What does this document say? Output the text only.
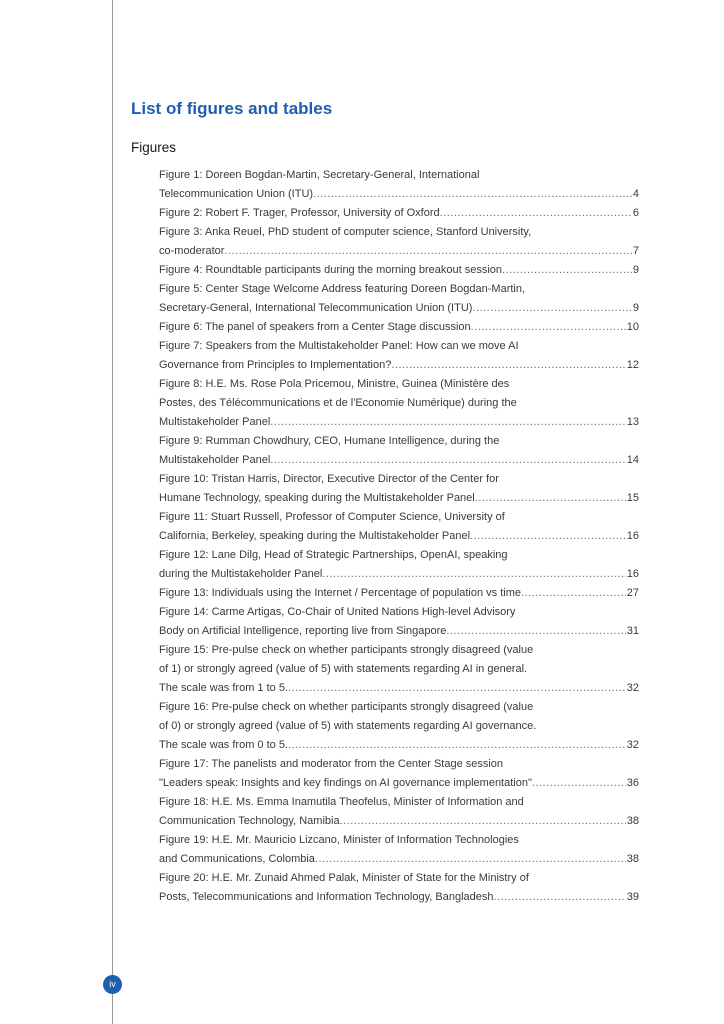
List of figures and tables
Figures
Figure 1: Doreen Bogdan-Martin, Secretary-General, International
Telecommunication Union (ITU) .....	4
Figure 2: Robert F. Trager, Professor, University of Oxford .....	6
Figure 3: Anka Reuel, PhD student of computer science, Stanford University,
co-moderator .....	7
Figure 4: Roundtable participants during the morning breakout session .....	9
Figure 5: Center Stage Welcome Address featuring Doreen Bogdan-Martin,
Secretary-General, International Telecommunication Union (ITU) .....	9
Figure 6: The panel of speakers from a Center Stage discussion .....	10
Figure 7: Speakers from the Multistakeholder Panel: How can we move AI
Governance from Principles to Implementation? .....	12
Figure 8: H.E. Ms. Rose Pola Pricemou, Ministre, Guinea (Ministère des
Postes, des Télécommunications et de l'Economie Numérique) during the
Multistakeholder Panel .....	13
Figure 9: Rumman Chowdhury, CEO, Humane Intelligence, during the
Multistakeholder Panel .....	14
Figure 10: Tristan Harris, Director, Executive Director of the Center for
Humane Technology, speaking during the Multistakeholder Panel .....	15
Figure 11: Stuart Russell, Professor of Computer Science, University of
California, Berkeley, speaking during the Multistakeholder Panel .....	16
Figure 12: Lane Dilg, Head of Strategic Partnerships, OpenAI, speaking
during the Multistakeholder Panel .....	16
Figure 13: Individuals using the Internet / Percentage of population vs time .....	27
Figure 14: Carme Artigas, Co-Chair of United Nations High-level Advisory
Body on Artificial Intelligence, reporting live from Singapore .....	31
Figure 15: Pre-pulse check on whether participants strongly disagreed (value
of 1) or strongly agreed (value of 5) with statements regarding AI in general.
The scale was from 1 to 5. .....	32
Figure 16: Pre-pulse check on whether participants strongly disagreed (value
of 0) or strongly agreed (value of 5) with statements regarding AI governance.
The scale was from 0 to 5. .....	32
Figure 17: The panelists and moderator from the Center Stage session
"Leaders speak: Insights and key findings on AI governance implementation" .....	36
Figure 18: H.E. Ms. Emma Inamutila Theofelus, Minister of Information and
Communication Technology, Namibia .....	38
Figure 19: H.E. Mr. Mauricio Lizcano, Minister of Information Technologies
and Communications, Colombia .....	38
Figure 20: H.E. Mr. Zunaid Ahmed Palak, Minister of State for the Ministry of
Posts, Telecommunications and Information Technology, Bangladesh .....	39
iv
